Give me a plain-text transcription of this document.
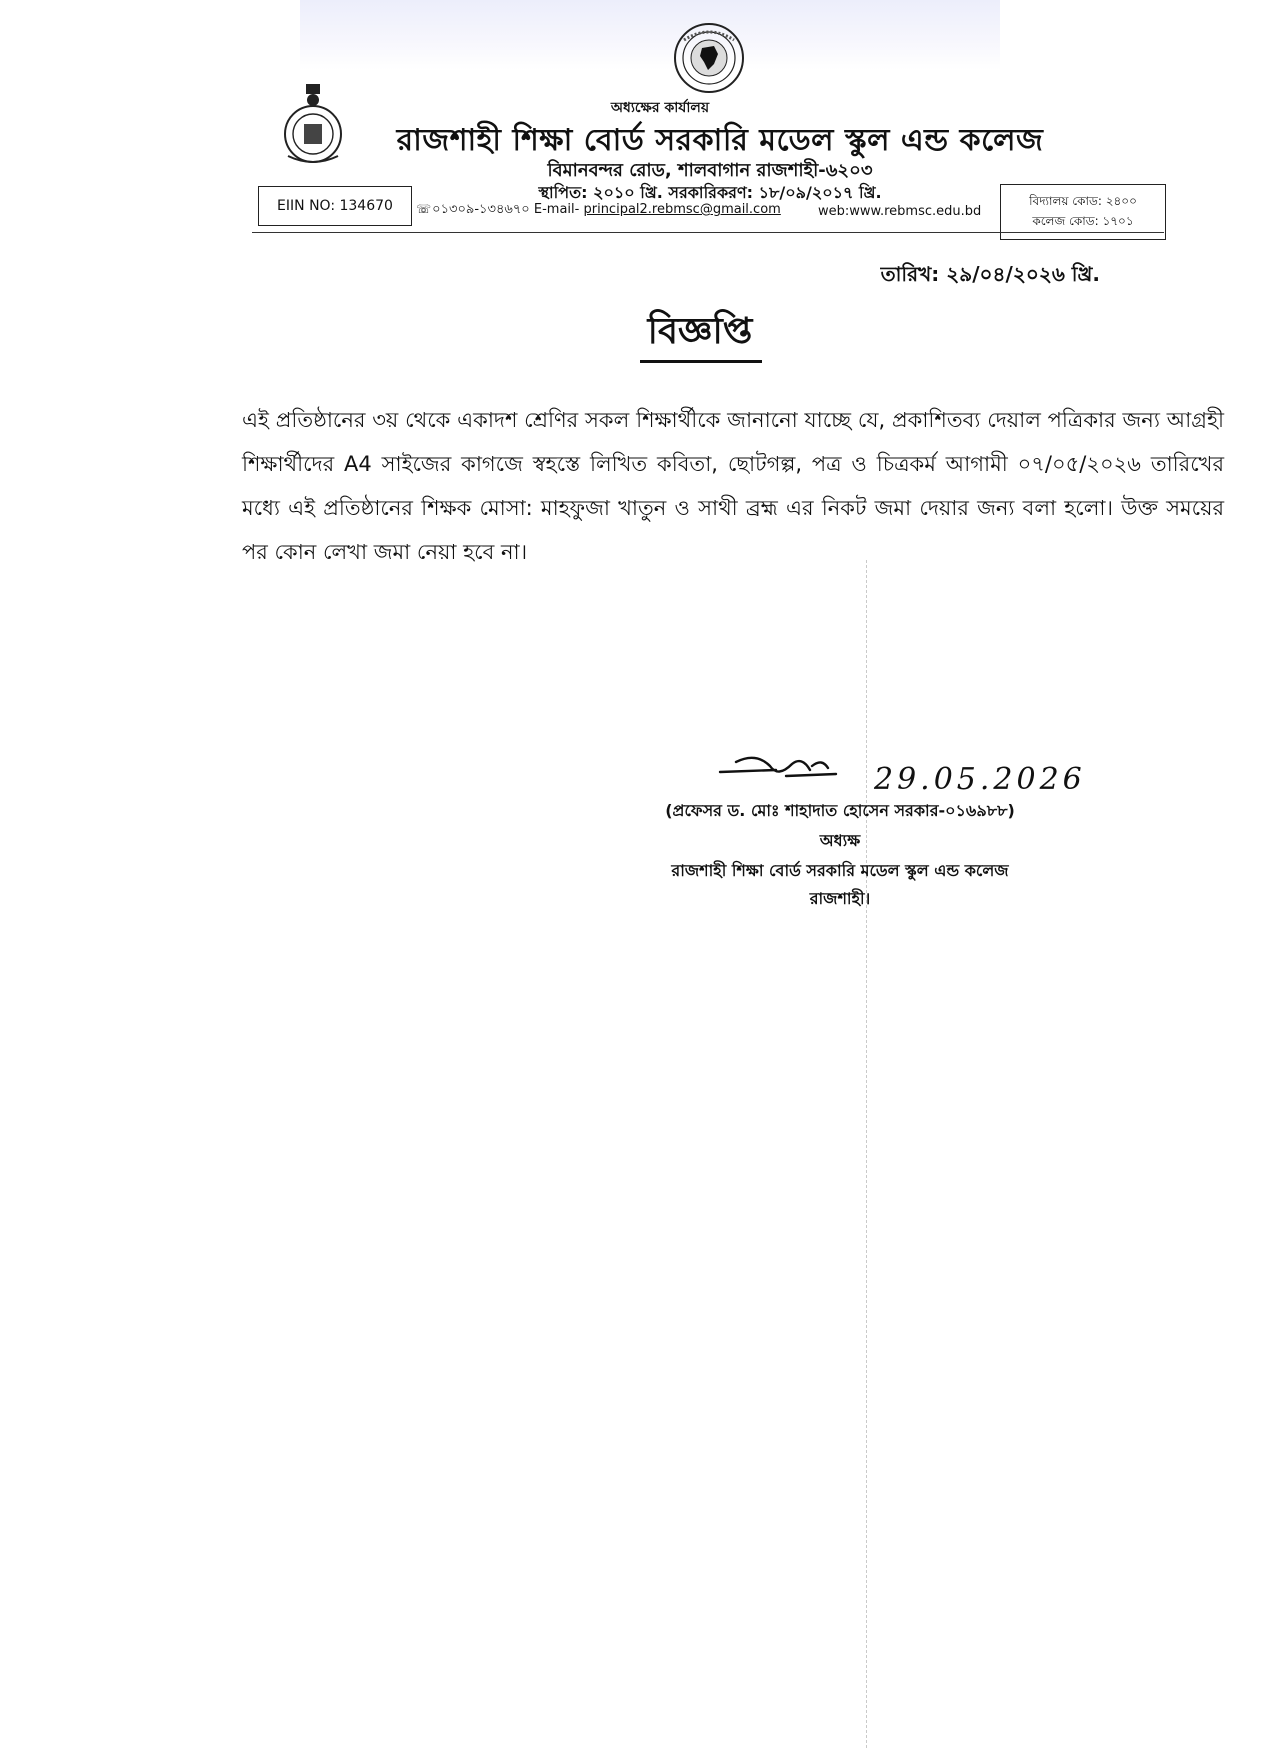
অধ্যক্ষের কার্যালয়
রাজশাহী শিক্ষা বোর্ড সরকারি মডেল স্কুল এন্ড কলেজ
বিমানবন্দর রোড, শালবাগান রাজশাহী-৬২০৩
স্থাপিত: ২০১০ খ্রি. সরকারিকরণ: ১৮/০৯/২০১৭ খ্রি.
EIIN NO: 134670 ☏ ০১৩০৯-১৩৪৬৭০ E-mail- principal2.rebmsc@gmail.com	web:www.rebmsc.edu.bd
বিদ্যালয় কোড: ২৪০০
কলেজ কোড: ১৭০১
তারিখ: ২৯/০৪/২০২৬ খ্রি.
বিজ্ঞপ্তি

এই প্রতিষ্ঠানের ৩য় থেকে একাদশ শ্রেণির সকল শিক্ষার্থীকে জানানো যাচ্ছে যে, প্রকাশিতব্য দেয়াল পত্রিকার জন্য আগ্রহী শিক্ষার্থীদের A4 সাইজের কাগজে স্বহস্তে লিখিত কবিতা, ছোটগল্প, পত্র ও চিত্রকর্ম আগামী ০৭/০৫/২০২৬ তারিখের মধ্যে এই প্রতিষ্ঠানের শিক্ষক মোসা: মাহফুজা খাতুন ও সাথী ব্রহ্ম এর নিকট জমা দেয়ার জন্য বলা হলো। উক্ত সময়ের পর কোন লেখা জমা নেয়া হবে না।

29.05.2026
(প্রফেসর ড. মোঃ শাহাদাত হোসেন সরকার-০১৬৯৮৮)
অধ্যক্ষ
রাজশাহী শিক্ষা বোর্ড সরকারি মডেল স্কুল এন্ড কলেজ
রাজশাহী।
